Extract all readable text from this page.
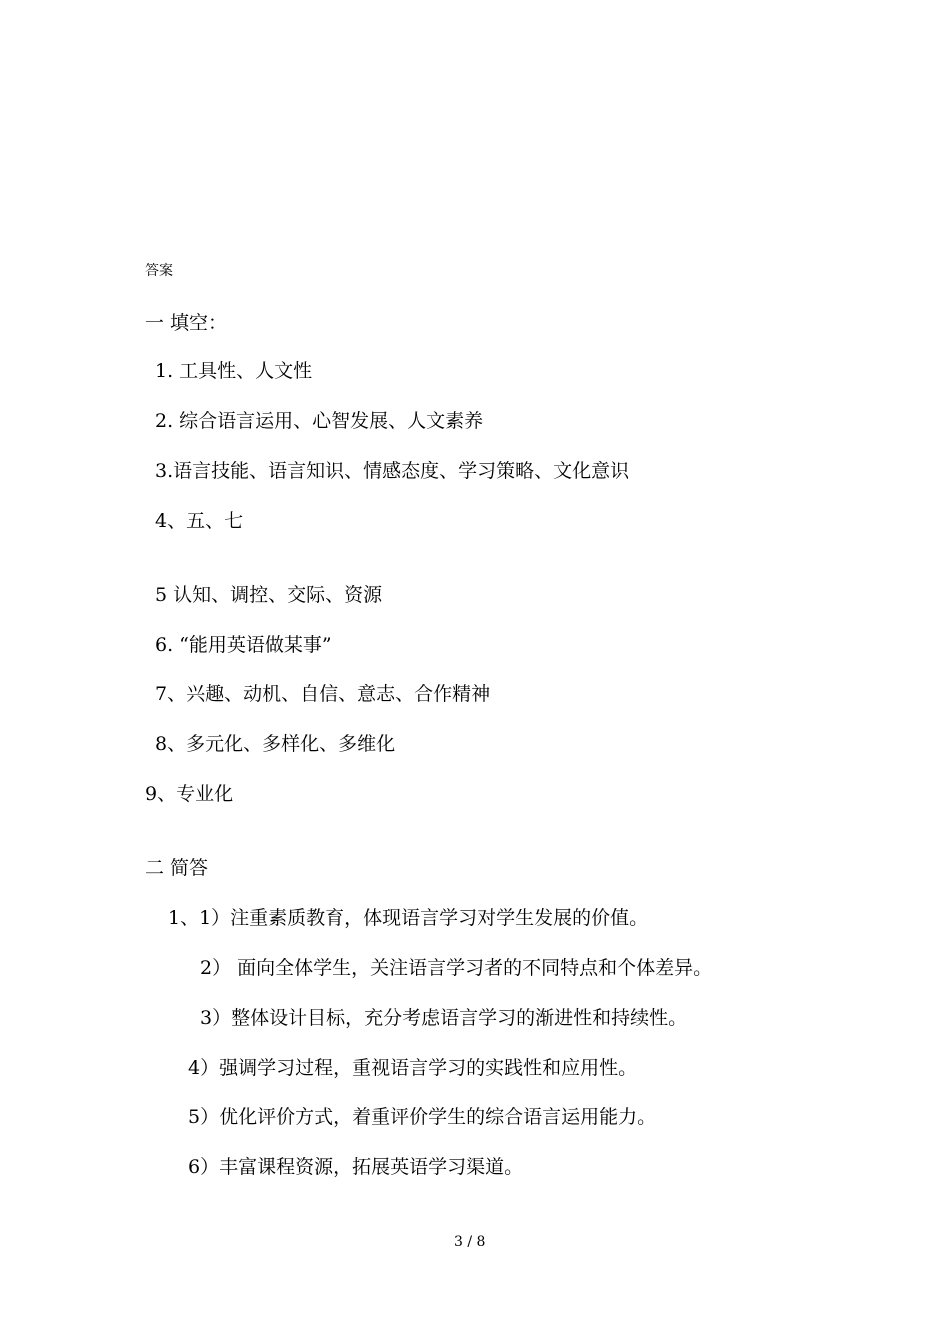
答案
一 填空：
1. 工具性、人文性
2. 综合语言运用、心智发展、人文素养
3.语言技能、语言知识、情感态度、学习策略、文化意识
4、五、七
5 认知、调控、交际、资源
6. “能用英语做某事”
7、兴趣、动机、自信、意志、合作精神
8、多元化、多样化、多维化
9、专业化
二 简答
1、1）注重素质教育，体现语言学习对学生发展的价值。
2） 面向全体学生，关注语言学习者的不同特点和个体差异。
3）整体设计目标，充分考虑语言学习的渐进性和持续性。
4）强调学习过程，重视语言学习的实践性和应用性。
5）优化评价方式，着重评价学生的综合语言运用能力。
6）丰富课程资源，拓展英语学习渠道。
3 / 8
